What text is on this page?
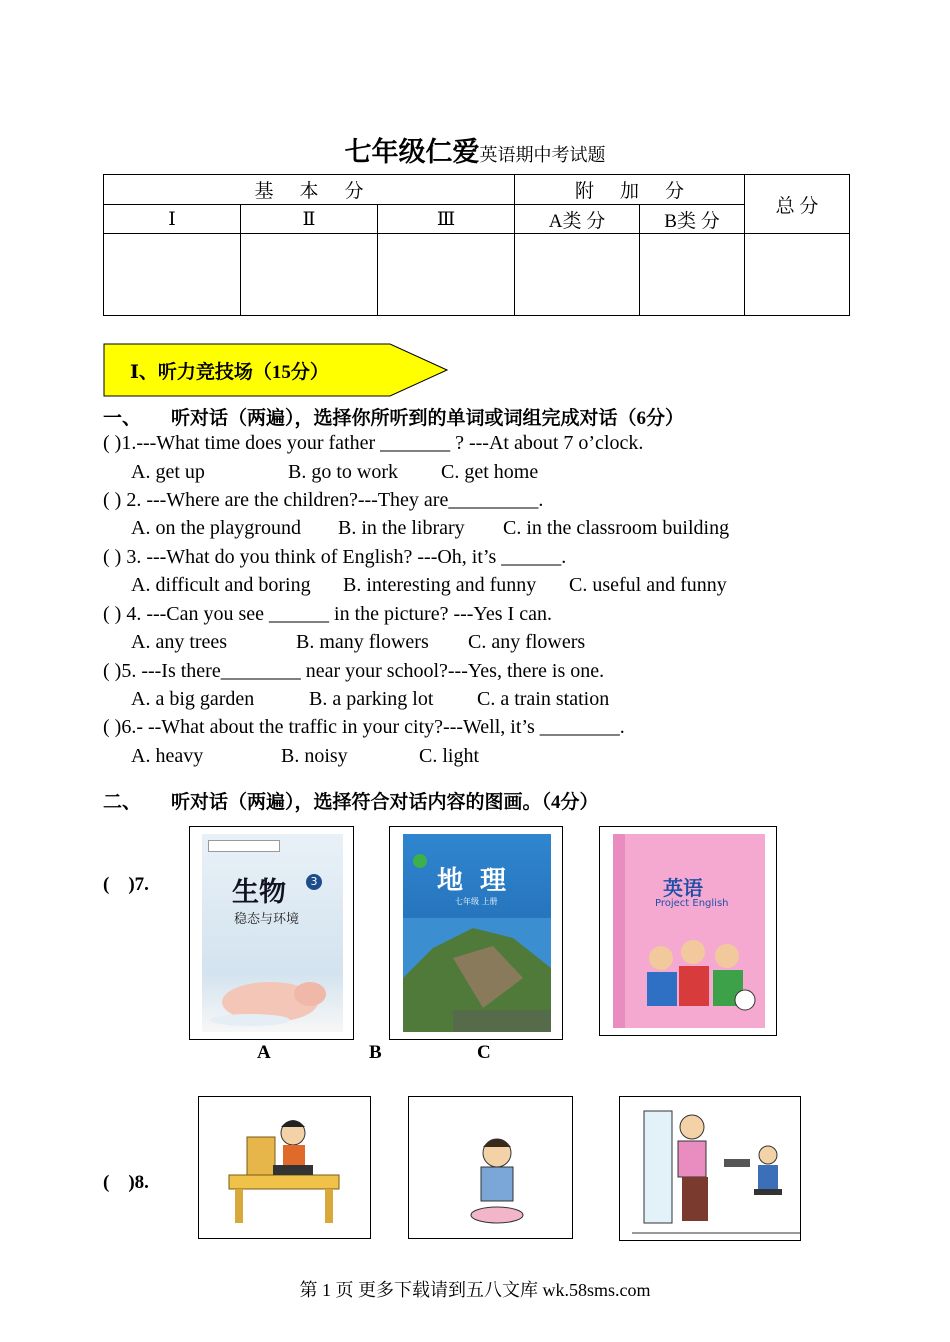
七年级仁爱英语期中考试题
基本分			附加分		总 分
Ⅰ	Ⅱ	Ⅲ	A类 分	B类 分	

Ⅰ、听力竞技场（15分）
一、 听对话（两遍），选择你所听到的单词或词组完成对话（6分）
( )1.---What time does your father _______ ? ---At about 7 o’clock.
A. get up	B. go to work C. get home
( ) 2. ---Where are the children?---They are_________.
A. on the playground B. in the library C. in the classroom building
( ) 3. ---What do you think of English? ---Oh, it’s ______.
A. difficult and boring B. interesting and funny C. useful and funny
( ) 4. ---Can you see ______ in the picture? ---Yes I can.
A. any trees	B. many flowers C. any flowers
( )5. ---Is there________ near your school?---Yes, there is one.
A. a big garden	B. a parking lot C. a train station
( )6.- --What about the traffic in your city?---Well, it’s ________.
A. heavy	B. noisy	C. light
二、 听对话（两遍），选择符合对话内容的图画。（4分）
(    )7.	生物	3
稳态与环境
地 理
七年级 上册
英语
Project English
A	B	C
(    )8.
第 1 页 更多下载请到五八文库 wk.58sms.com
